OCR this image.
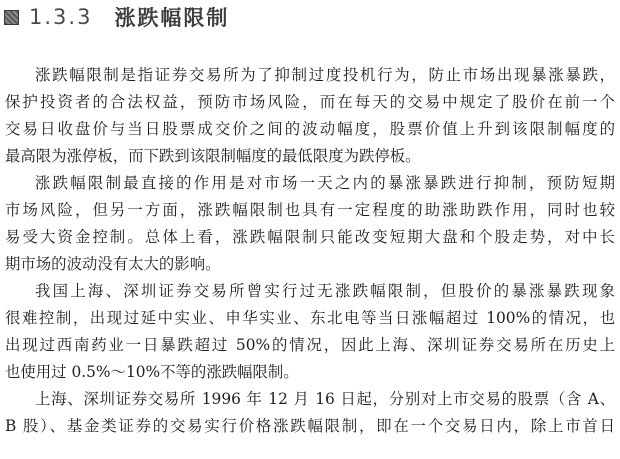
1.3.3 涨跌幅限制
涨跌幅限制是指证券交易所为了抑制过度投机行为，防止市场出现暴涨暴跌，
保护投资者的合法权益，预防市场风险，而在每天的交易中规定了股价在前一个
交易日收盘价与当日股票成交价之间的波动幅度，股票价值上升到该限制幅度的
最高限为涨停板，而下跌到该限制幅度的最低限度为跌停板。
涨跌幅限制最直接的作用是对市场一天之内的暴涨暴跌进行抑制，预防短期
市场风险，但另一方面，涨跌幅限制也具有一定程度的助涨助跌作用，同时也较
易受大资金控制。总体上看，涨跌幅限制只能改变短期大盘和个股走势，对中长
期市场的波动没有太大的影响。
我国上海、深圳证券交易所曾实行过无涨跌幅限制，但股价的暴涨暴跌现象
很难控制，出现过延中实业、申华实业、东北电等当日涨幅超过 100%的情况，也
出现过西南药业一日暴跌超过 50%的情况，因此上海、深圳证券交易所在历史上
也使用过 0.5%～10%不等的涨跌幅限制。
上海、深圳证券交易所 1996 年 12 月 16 日起，分别对上市交易的股票（含 A、
B 股）、基金类证券的交易实行价格涨跌幅限制，即在一个交易日内，除上市首日
